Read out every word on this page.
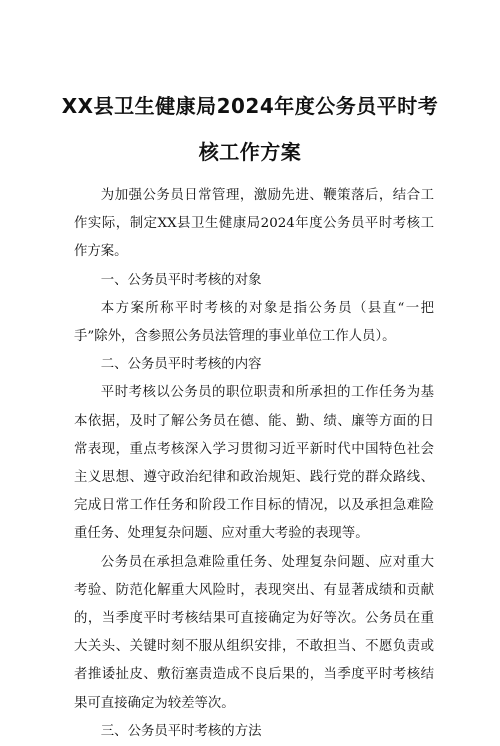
XX县卫生健康局2024年度公务员平时考
核工作方案

为加强公务员日常管理，激励先进、鞭策落后，结合工作实际，制定XX县卫生健康局2024年度公务员平时考核工作方案。

一、公务员平时考核的对象

本方案所称平时考核的对象是指公务员（县直“一把手”除外，含参照公务员法管理的事业单位工作人员）。

二、公务员平时考核的内容

平时考核以公务员的职位职责和所承担的工作任务为基本依据，及时了解公务员在德、能、勤、绩、廉等方面的日常表现，重点考核深入学习贯彻习近平新时代中国特色社会主义思想、遵守政治纪律和政治规矩、践行党的群众路线、完成日常工作任务和阶段工作目标的情况，以及承担急难险重任务、处理复杂问题、应对重大考验的表现等。

公务员在承担急难险重任务、处理复杂问题、应对重大考验、防范化解重大风险时，表现突出、有显著成绩和贡献的，当季度平时考核结果可直接确定为好等次。公务员在重大关头、关键时刻不服从组织安排，不敢担当、不愿负责或者推诿扯皮、敷衍塞责造成不良后果的，当季度平时考核结果可直接确定为较差等次。

三、公务员平时考核的方法
